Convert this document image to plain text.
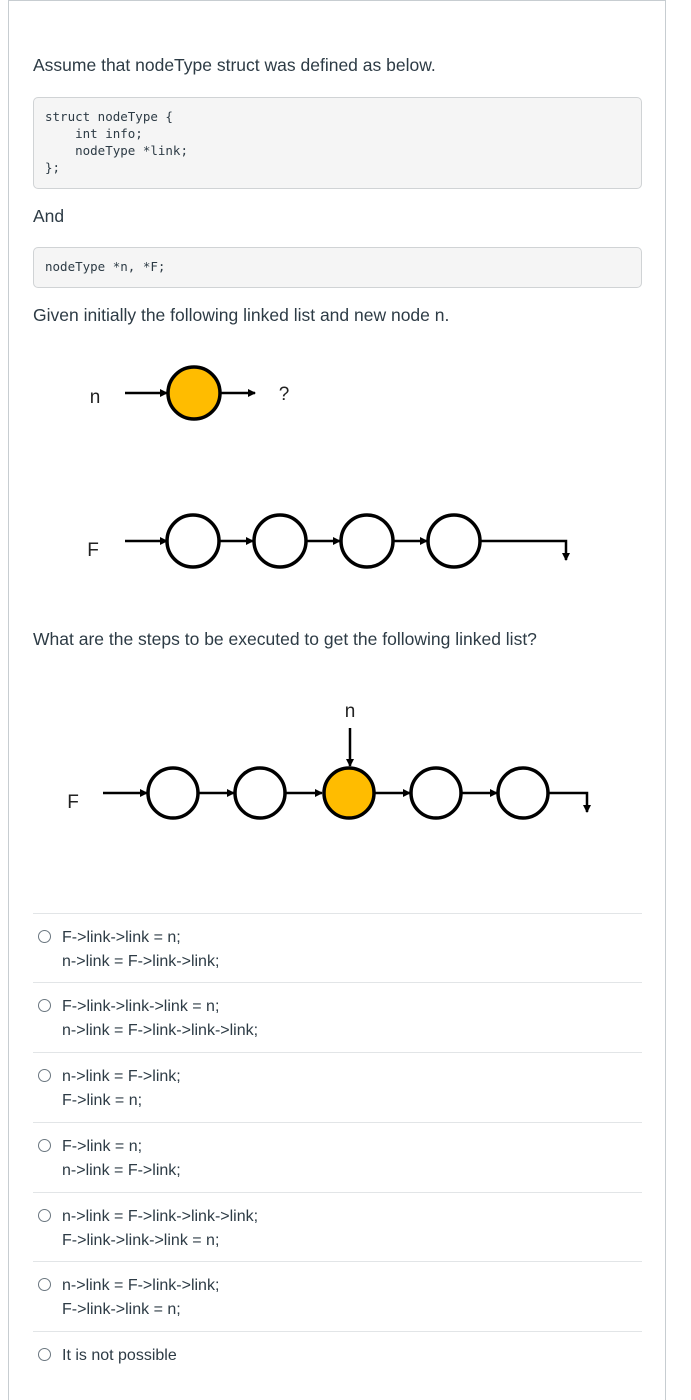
Assume that nodeType struct was defined as below.
struct nodeType {
int info;
nodeType *link;
};
And
nodeType *n, *F;
Given initially the following linked list and new node n.
n	?
F
What are the steps to be executed to get the following linked list?
n
F
F->link->link = n;
n->link = F->link->link;
F->link->link->link = n;
n->link = F->link->link->link;
n->link = F->link;
F->link = n;
F->link = n;
n->link = F->link;
n->link = F->link->link->link;
F->link->link->link = n;
n->link = F->link->link;
F->link->link = n;
It is not possible
